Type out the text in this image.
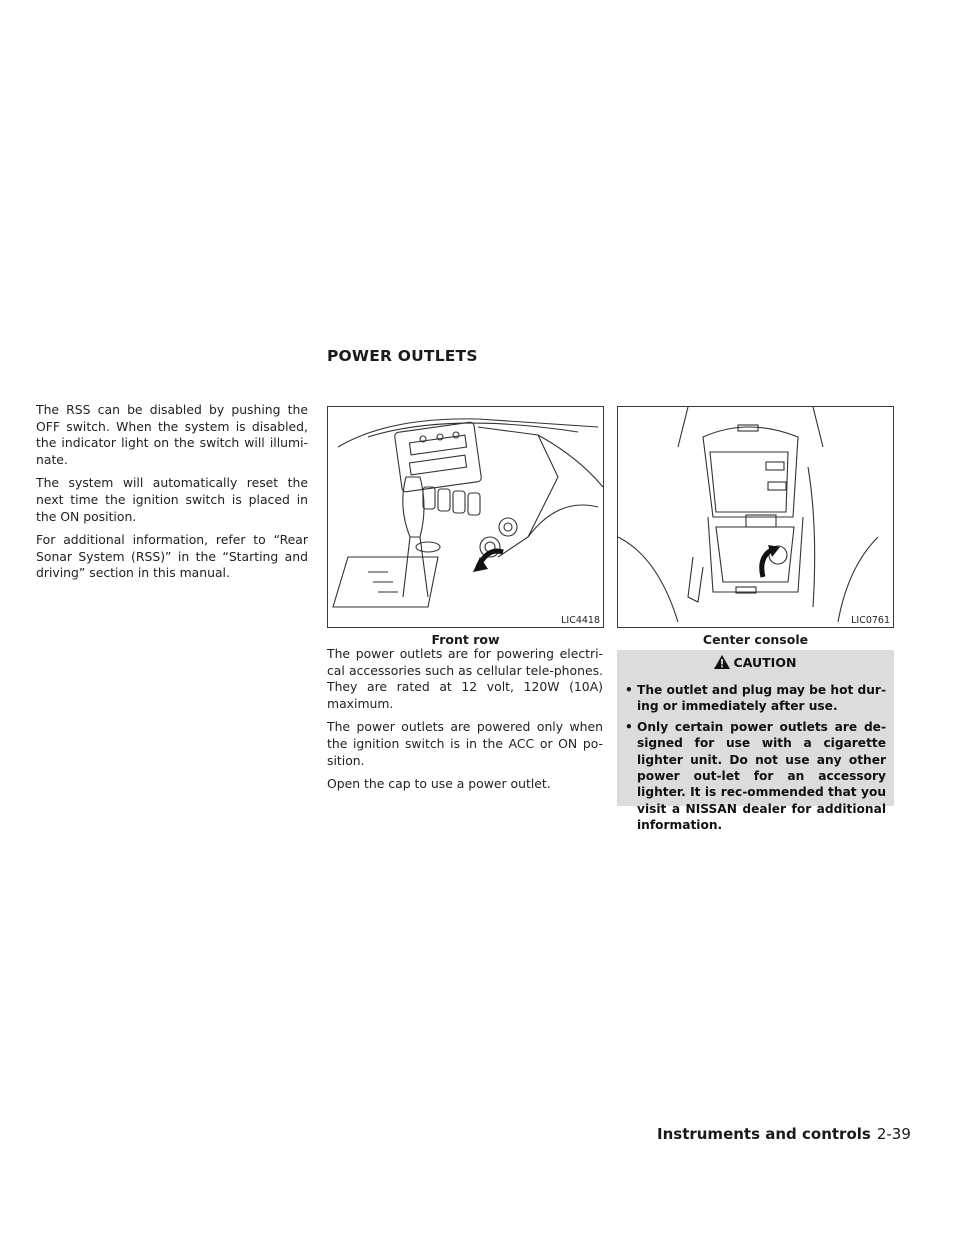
POWER OUTLETS

The RSS can be disabled by pushing the OFF switch. When the system is disabled, the indicator light on the switch will illumi-nate.

The system will automatically reset the next time the ignition switch is placed in the ON position.

For additional information, refer to “Rear Sonar System (RSS)” in the “Starting and driving” section in this manual.

LIC4418
Front row
LIC0761
Center console

The power outlets are for powering electri-cal accessories such as cellular tele-phones. They are rated at 12 volt, 120W (10A) maximum.

The power outlets are powered only when the ignition switch is in the ACC or ON po-sition.

Open the cap to use a power outlet.

CAUTION
• The outlet and plug may be hot dur-ing or immediately after use.
• Only certain power outlets are de-signed for use with a cigarette lighter unit. Do not use any other power out-let for an accessory lighter. It is rec-ommended that you visit a NISSAN dealer for additional information.
Instruments and controls 2-39
